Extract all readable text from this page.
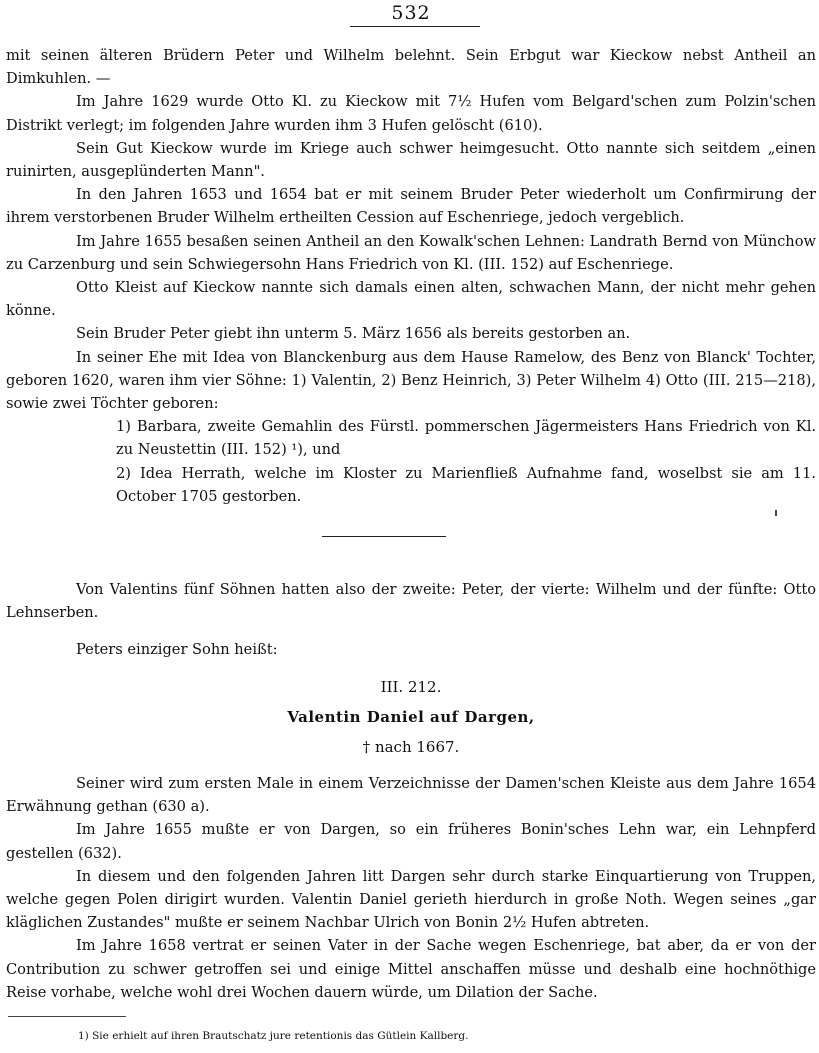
532

mit seinen älteren Brüdern Peter und Wilhelm belehnt. Sein Erbgut war Kieckow nebst Antheil an Dimkuhlen. —

Im Jahre 1629 wurde Otto Kl. zu Kieckow mit 7½ Hufen vom Belgard'schen zum Polzin'schen Distrikt verlegt; im folgenden Jahre wurden ihm 3 Hufen gelöscht (610).

Sein Gut Kieckow wurde im Kriege auch schwer heimgesucht. Otto nannte sich seitdem „einen ruinirten, ausgeplünderten Mann".

In den Jahren 1653 und 1654 bat er mit seinem Bruder Peter wiederholt um Confirmirung der ihrem verstorbenen Bruder Wilhelm ertheilten Cession auf Eschenriege, jedoch vergeblich.

Im Jahre 1655 besaßen seinen Antheil an den Kowalk'schen Lehnen: Landrath Bernd von Münchow zu Carzenburg und sein Schwiegersohn Hans Friedrich von Kl. (III. 152) auf Eschenriege.

Otto Kleist auf Kieckow nannte sich damals einen alten, schwachen Mann, der nicht mehr gehen könne.

Sein Bruder Peter giebt ihn unterm 5. März 1656 als bereits gestorben an.

In seiner Ehe mit Idea von Blanckenburg aus dem Hause Ramelow, des Benz von Blanck' Tochter, geboren 1620, waren ihm vier Söhne: 1) Valentin, 2) Benz Heinrich, 3) Peter Wilhelm 4) Otto (III. 215—218), sowie zwei Töchter geboren:

1) Barbara, zweite Gemahlin des Fürstl. pommerschen Jägermeisters Hans Friedrich von Kl. zu Neustettin (III. 152) ¹), und

2) Idea Herrath, welche im Kloster zu Marienfließ Aufnahme fand, woselbst sie am 11. October 1705 gestorben.

Von Valentins fünf Söhnen hatten also der zweite: Peter, der vierte: Wilhelm und der fünfte: Otto Lehnserben.

Peters einziger Sohn heißt:

III. 212.
Valentin Daniel auf Dargen,
† nach 1667.

Seiner wird zum ersten Male in einem Verzeichnisse der Damen'schen Kleiste aus dem Jahre 1654 Erwähnung gethan (630 a).

Im Jahre 1655 mußte er von Dargen, so ein früheres Bonin'sches Lehn war, ein Lehnpferd gestellen (632).

In diesem und den folgenden Jahren litt Dargen sehr durch starke Einquartierung von Truppen, welche gegen Polen dirigirt wurden. Valentin Daniel gerieth hierdurch in große Noth. Wegen seines „gar kläglichen Zustandes" mußte er seinem Nachbar Ulrich von Bonin 2½ Hufen abtreten.

Im Jahre 1658 vertrat er seinen Vater in der Sache wegen Eschenriege, bat aber, da er von der Contribution zu schwer getroffen sei und einige Mittel anschaffen müsse und deshalb eine hochnöthige Reise vorhabe, welche wohl drei Wochen dauern würde, um Dilation der Sache.

1) Sie erhielt auf ihren Brautschatz jure retentionis das Gütlein Kallberg.
